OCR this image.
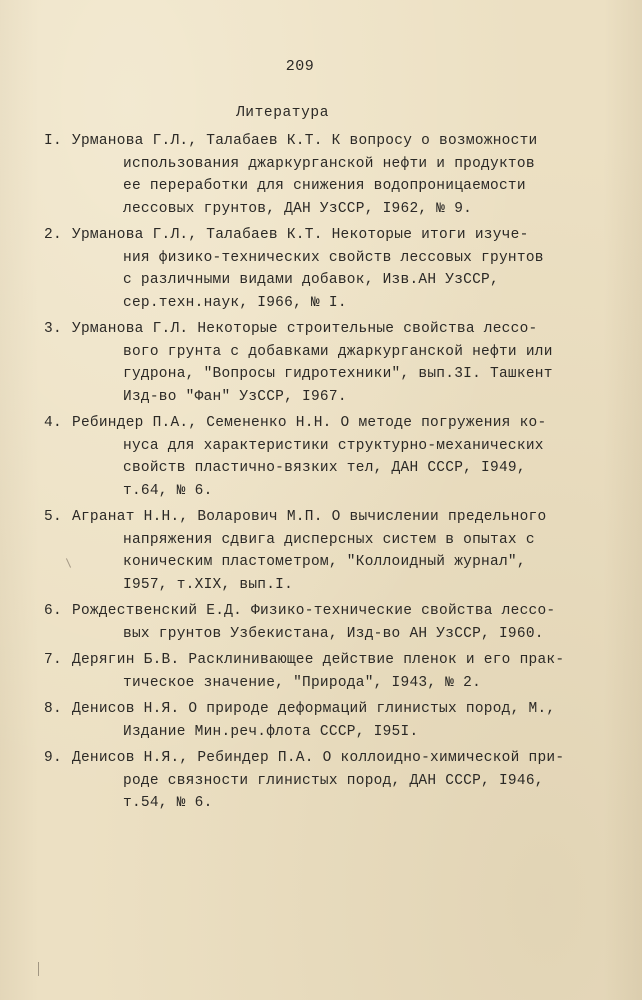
209
Литература
I. Урманова Г.Л., Талабаев К.Т. К вопросу о возможности
использования джаркурганской нефти и продуктов
ее переработки для снижения водопроницаемости
лессовых грунтов, ДАН УзССР, I962, № 9.
2. Урманова Г.Л., Талабаев К.Т. Некоторые итоги изуче-
ния физико-технических свойств лессовых грунтов
с различными видами добавок, Изв.АН УзССР,
сер.техн.наук, I966, № I.
3. Урманова Г.Л. Некоторые строительные свойства лессо-
вого грунта с добавками джаркурганской нефти или
гудрона, "Вопросы гидротехники", вып.3I. Ташкент
Изд-во "Фан" УзССР, I967.
4. Ребиндер П.А., Семененко Н.Н. О методе погружения ко-
нуса для характеристики структурно-механических
свойств пластично-вязких тел, ДАН СССР, I949,
т.64, № 6.
5. Агранат Н.Н., Воларович М.П. О вычислении предельного
напряжения сдвига дисперсных систем в опытах с
коническим пластометром, "Коллоидный журнал",
I957, т.XIX, вып.I.
6. Рождественский Е.Д. Физико-технические свойства лессо-
вых грунтов Узбекистана, Изд-во АН УзССР, I960.
7. Дерягин Б.В. Расклинивающее действие пленок и его прак-
тическое значение, "Природа", I943, № 2.
8. Денисов Н.Я. О природе деформаций глинистых пород, М.,
Издание Мин.реч.флота СССР, I95I.
9. Денисов Н.Я., Ребиндер П.А. О коллоидно-химической при-
роде связности глинистых пород, ДАН СССР, I946,
т.54, № 6.
